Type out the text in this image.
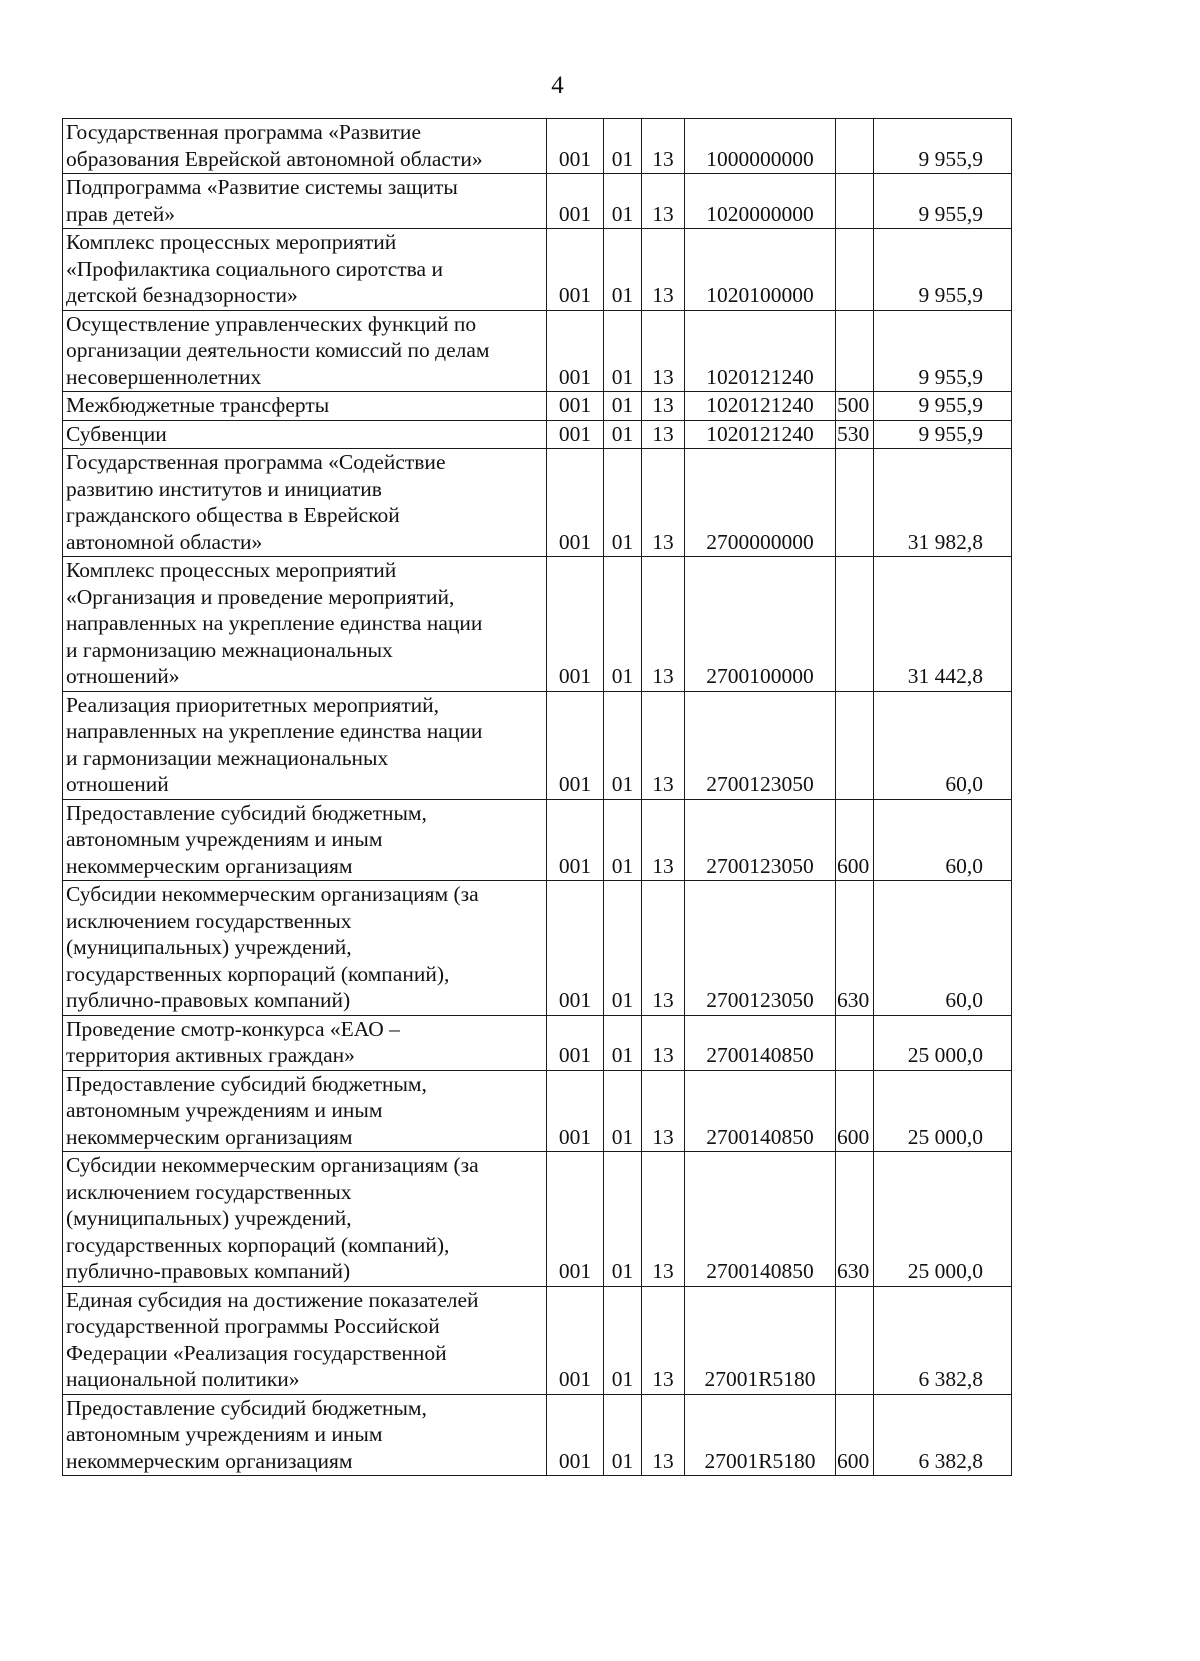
4
Государственная программа «Развитие
образования Еврейской автономной области»	001	01	13	1000000000		9 955,9
Подпрограмма «Развитие системы защиты
прав детей»	001	01	13	1020000000		9 955,9
Комплекс процессных мероприятий
«Профилактика социального сиротства и
детской безнадзорности»	001	01	13	1020100000		9 955,9
Осуществление управленческих функций по
организации деятельности комиссий по делам
несовершеннолетних	001	01	13	1020121240		9 955,9
Межбюджетные трансферты	001	01	13	1020121240	500	9 955,9
Субвенции	001	01	13	1020121240	530	9 955,9
Государственная программа «Содействие
развитию институтов и инициатив
гражданского общества в Еврейской
автономной области»	001	01	13	2700000000		31 982,8
Комплекс процессных мероприятий
«Организация и проведение мероприятий,
направленных на укрепление единства нации
и гармонизацию межнациональных
отношений»	001	01	13	2700100000		31 442,8
Реализация приоритетных мероприятий,
направленных на укрепление единства нации
и гармонизации межнациональных
отношений	001	01	13	2700123050		60,0
Предоставление субсидий бюджетным,
автономным учреждениям и иным
некоммерческим организациям	001	01	13	2700123050	600	60,0
Субсидии некоммерческим организациям (за
исключением государственных
(муниципальных) учреждений,
государственных корпораций (компаний),
публично-правовых компаний)	001	01	13	2700123050	630	60,0
Проведение смотр-конкурса «ЕАО –
территория активных граждан»	001	01	13	2700140850		25 000,0
Предоставление субсидий бюджетным,
автономным учреждениям и иным
некоммерческим организациям	001	01	13	2700140850	600	25 000,0
Субсидии некоммерческим организациям (за
исключением государственных
(муниципальных) учреждений,
государственных корпораций (компаний),
публично-правовых компаний)	001	01	13	2700140850	630	25 000,0
Единая субсидия на достижение показателей
государственной программы Российской
Федерации «Реализация государственной
национальной политики»	001	01	13	27001R5180		6 382,8
Предоставление субсидий бюджетным,
автономным учреждениям и иным
некоммерческим организациям	001	01	13	27001R5180	600	6 382,8
